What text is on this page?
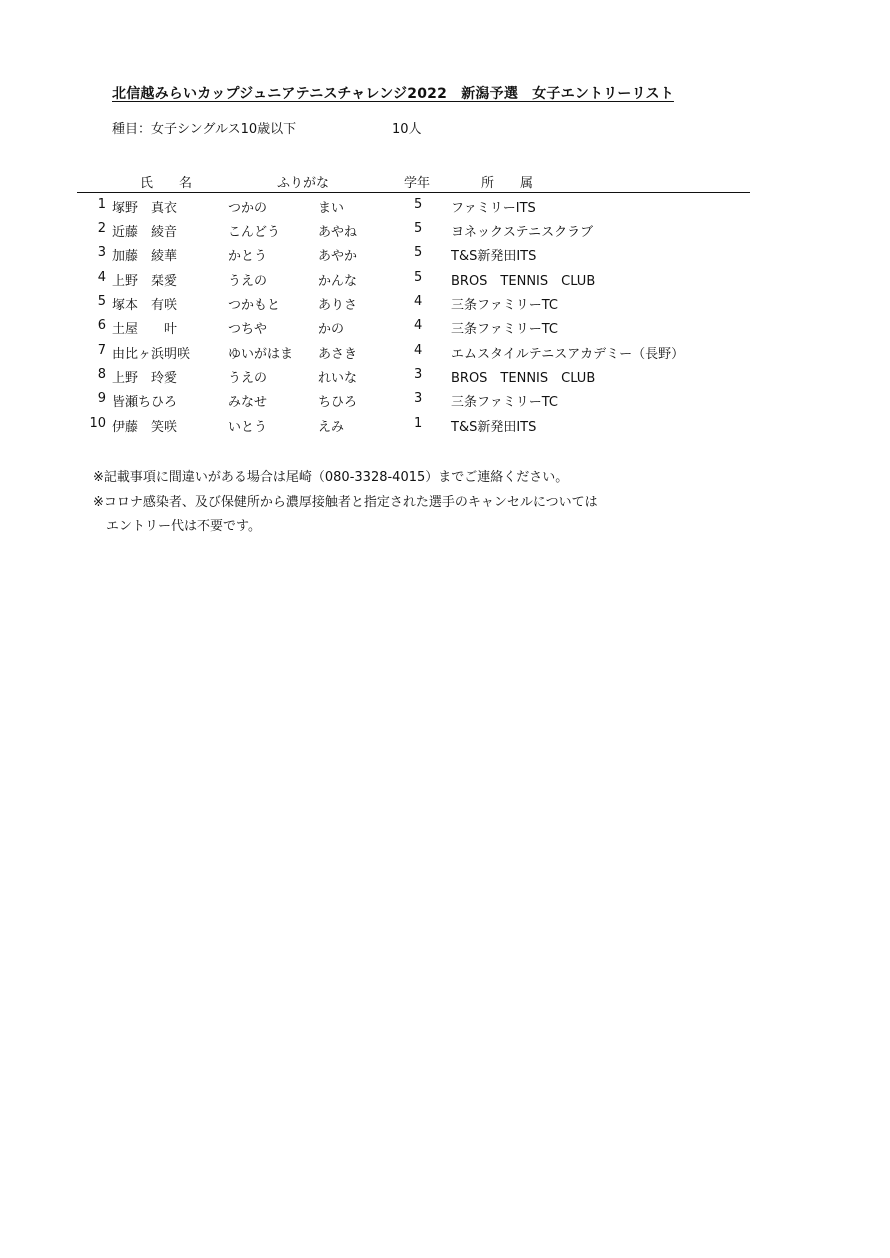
北信越みらいカップジュニアテニスチャレンジ2022　新潟予選　女子エントリーリスト
種目：女子シングルス10歳以下	10人
氏　　名	ふりがな	学年	所　　属
1 塚野　真衣	つかの	まい	5 ファミリーITS
2 近藤　綾音	こんどう	あやね	5 ヨネックステニスクラブ
3 加藤　綾華	かとう	あやか	5 T&S新発田ITS
4 上野　栞愛	うえの	かんな	5 BROS　TENNIS　CLUB
5 塚本　有咲	つかもと	ありさ	4 三条ファミリーTC
6 土屋　　叶	つちや	かの	4 三条ファミリーTC
7 由比ヶ浜明咲	ゆいがはま あさき	4 エムスタイルテニスアカデミー（長野）
8 上野　玲愛	うえの	れいな	3 BROS　TENNIS　CLUB
9 皆瀬ちひろ	みなせ	ちひろ	3 三条ファミリーTC
10 伊藤　笑咲	いとう	えみ	1 T&S新発田ITS
※記載事項に間違いがある場合は尾崎（080-3328-4015）までご連絡ください。
※コロナ感染者、及び保健所から濃厚接触者と指定された選手のキャンセルについては
　エントリー代は不要です。
